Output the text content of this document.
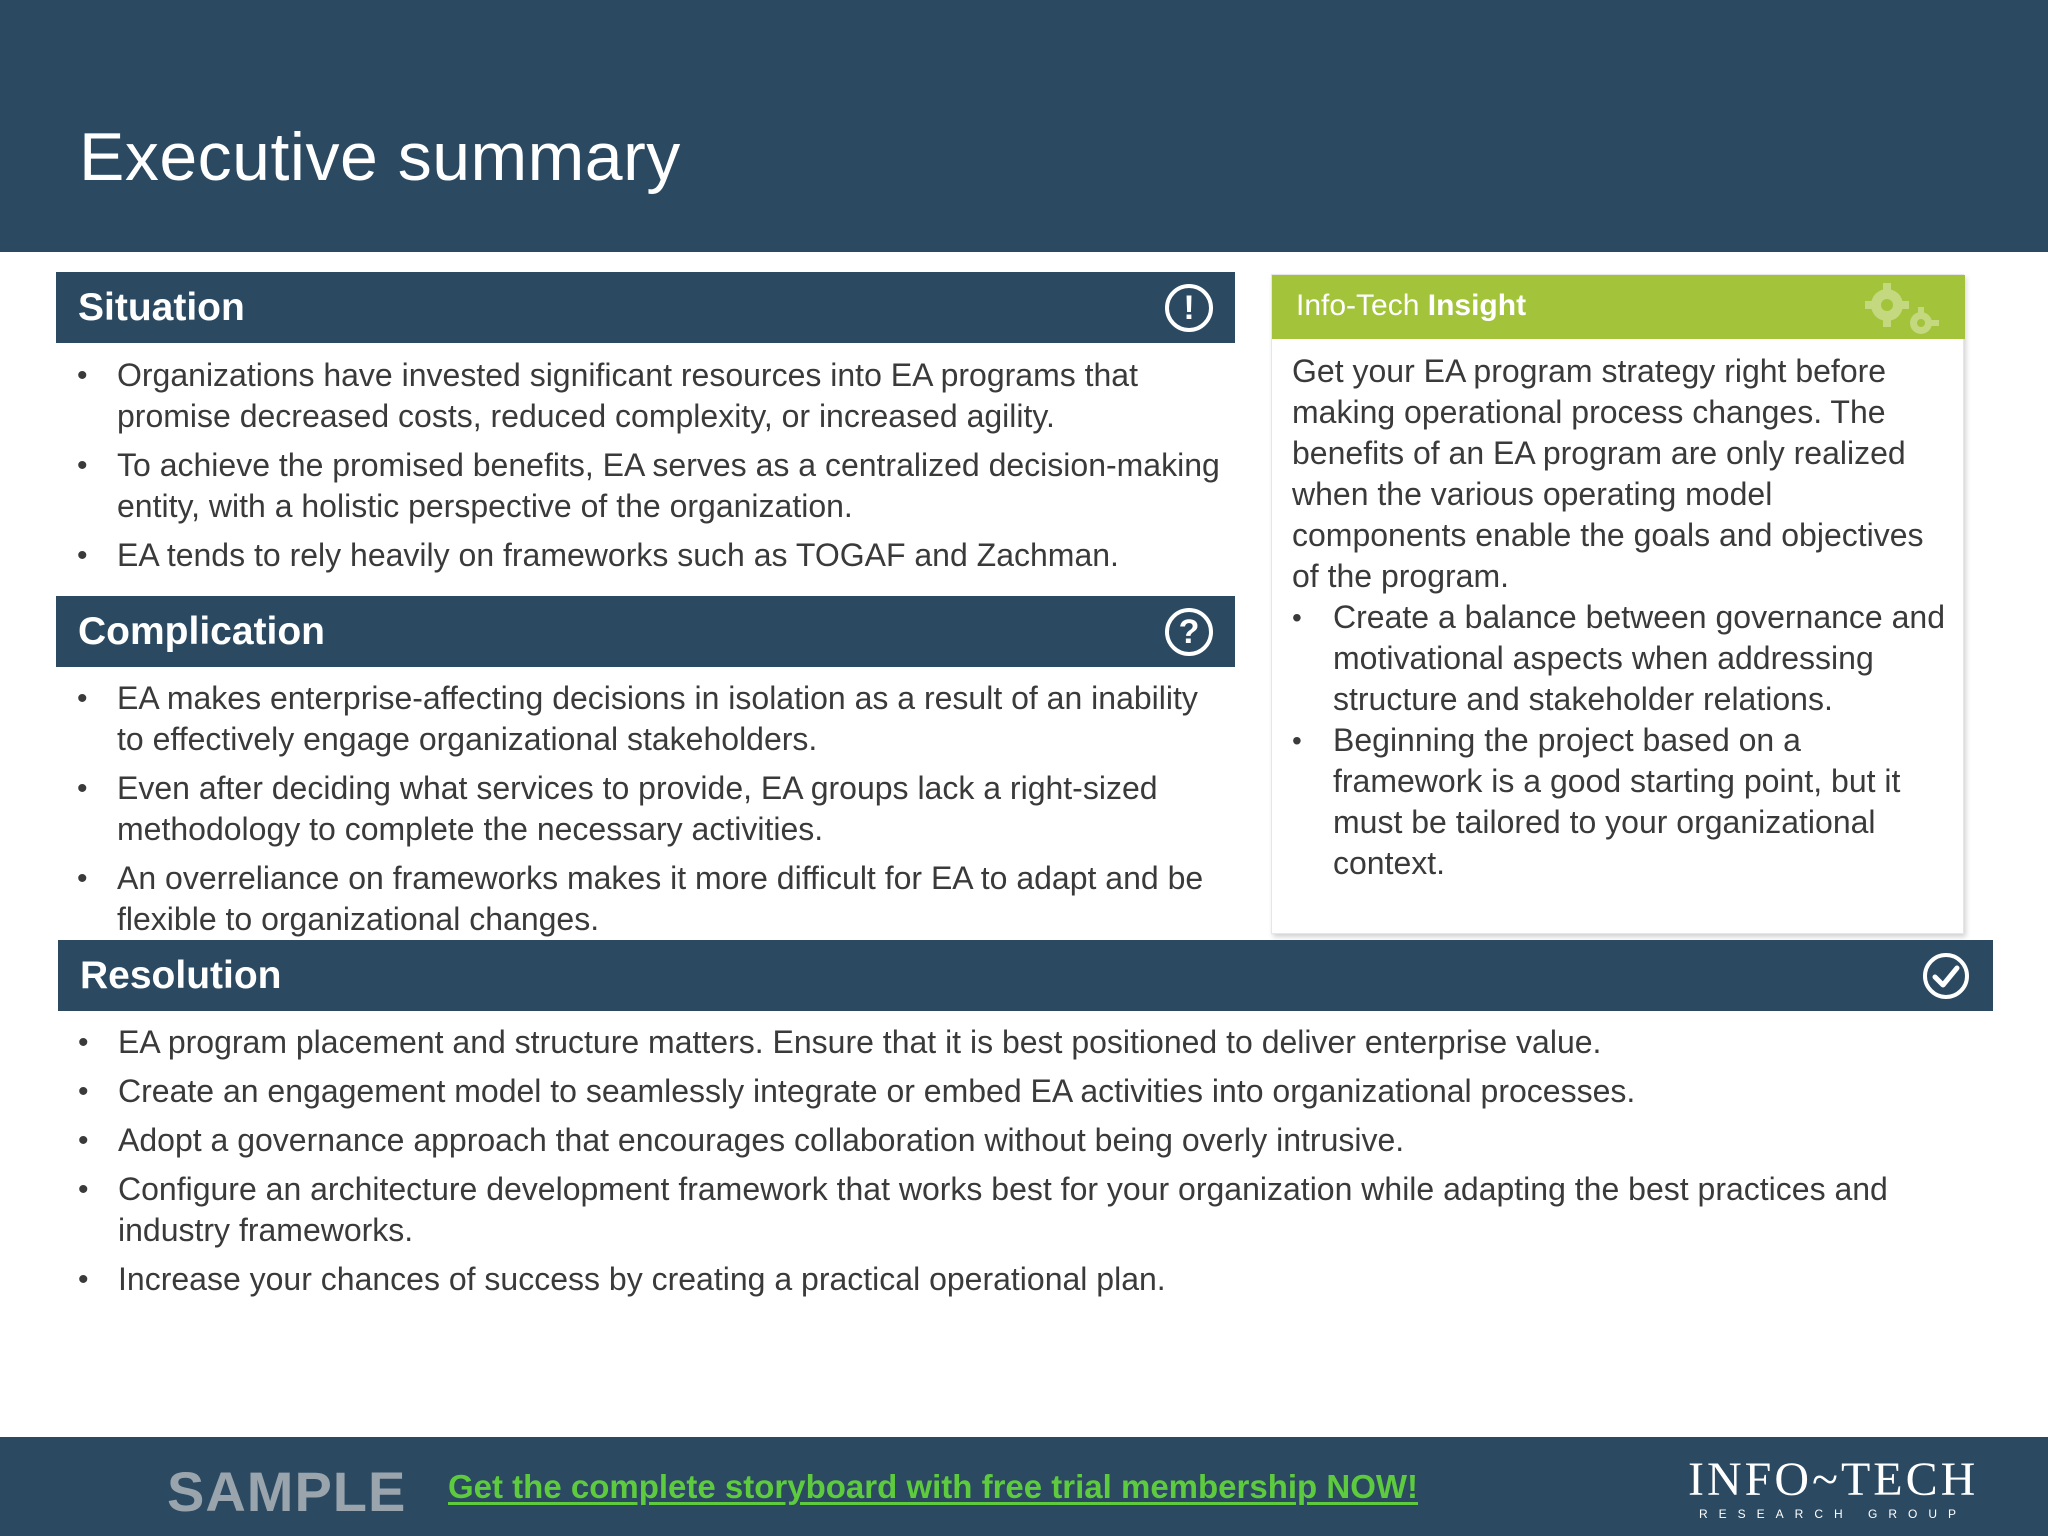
Executive summary
Situation	!
• Organizations have invested significant resources into EA programs that promise decreased costs, reduced complexity, or increased agility.
• To achieve the promised benefits, EA serves as a centralized decision-making entity, with a holistic perspective of the organization.
• EA tends to rely heavily on frameworks such as TOGAF and Zachman.
Complication	?
• EA makes enterprise-affecting decisions in isolation as a result of an inability to effectively engage organizational stakeholders.
• Even after deciding what services to provide, EA groups lack a right-sized methodology to complete the necessary activities.
• An overreliance on frameworks makes it more difficult for EA to adapt and be flexible to organizational changes.
Info-Tech Insight

Get your EA program strategy right before making operational process changes. The benefits of an EA program are only realized when the various operating model components enable the goals and objectives of the program.

• Create a balance between governance and motivational aspects when addressing structure and stakeholder relations.
• Beginning the project based on a framework is a good starting point, but it must be tailored to your organizational context.
Resolution
• EA program placement and structure matters. Ensure that it is best positioned to deliver enterprise value.
• Create an engagement model to seamlessly integrate or embed EA activities into organizational processes.
• Adopt a governance approach that encourages collaboration without being overly intrusive.
• Configure an architecture development framework that works best for your organization while adapting the best practices and industry frameworks.
• Increase your chances of success by creating a practical operational plan.
SAMPLE Get the complete storyboard with free trial membership NOW!	INFO~TECH
RESEARCH GROUP
